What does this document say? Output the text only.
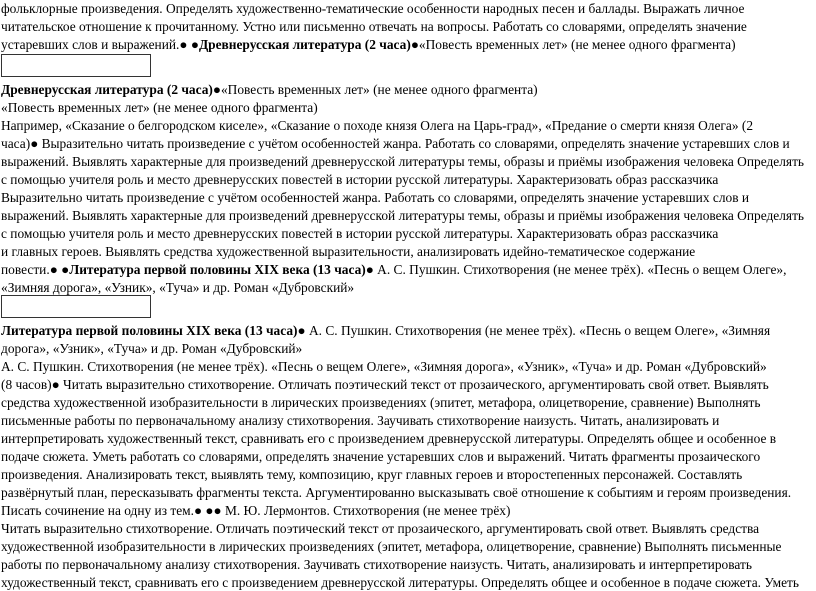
фольклорные произведения. Определять художественно-тематические особенности народных песен и баллады. Выражать личное
читательское отношение к прочитанному. Устно или письменно отвечать на вопросы. Работать со словарями, определять значение
устаревших слов и выражений.● ●Древнерусская литература (2 часа)●«Повесть временных лет» (не менее одного фрагмента)
Древнерусская литература (2 часа)●«Повесть временных лет» (не менее одного фрагмента)
«Повесть временных лет» (не менее одного фрагмента)
Например, «Сказание о белгородском киселе», «Сказание о походе князя Олега на Царь-град», «Предание о смерти князя Олега» (2
часа)● Выразительно читать произведение с учётом особенностей жанра. Работать со словарями, определять значение устаревших слов и
выражений. Выявлять характерные для произведений древнерусской литературы темы, образы и приёмы изображения человека Определять
с помощью учителя роль и место древнерусских повестей в истории русской литературы. Характеризовать образ рассказчика
Выразительно читать произведение с учётом особенностей жанра. Работать со словарями, определять значение устаревших слов и
выражений. Выявлять характерные для произведений древнерусской литературы темы, образы и приёмы изображения человека Определять
с помощью учителя роль и место древнерусских повестей в истории русской литературы. Характеризовать образ рассказчика
и главных героев. Выявлять средства художественной выразительности, анализировать идейно-тематическое содержание
повести.● ●Литература первой половины XIX века (13 часа)● А. С. Пушкин. Стихотворения (не менее трёх). «Песнь о вещем Олеге»,
«Зимняя дорога», «Узник», «Туча» и др. Роман «Дубровский»
Литература первой половины XIX века (13 часа)● А. С. Пушкин. Стихотворения (не менее трёх). «Песнь о вещем Олеге», «Зимняя
дорога», «Узник», «Туча» и др. Роман «Дубровский»
А. С. Пушкин. Стихотворения (не менее трёх). «Песнь о вещем Олеге», «Зимняя дорога», «Узник», «Туча» и др. Роман «Дубровский»
(8 часов)● Читать выразительно стихотворение. Отличать поэтический текст от прозаического, аргументировать свой ответ. Выявлять
средства художественной изобразительности в лирических произведениях (эпитет, метафора, олицетворение, сравнение) Выполнять
письменные работы по первоначальному анализу стихотворения. Заучивать стихотворение наизусть. Читать, анализировать и
интерпретировать художественный текст, сравнивать его с произведением древнерусской литературы. Определять общее и особенное в
подаче сюжета. Уметь работать со словарями, определять значение устаревших слов и выражений. Читать фрагменты прозаического
произведения. Анализировать текст, выявлять тему, композицию, круг главных героев и второстепенных персонажей. Составлять
развёрнутый план, пересказывать фрагменты текста. Аргументированно высказывать своё отношение к событиям и героям произведения.
Писать сочинение на одну из тем.● ●● М. Ю. Лермонтов. Стихотворения (не менее трёх)
Читать выразительно стихотворение. Отличать поэтический текст от прозаического, аргументировать свой ответ. Выявлять средства
художественной изобразительности в лирических произведениях (эпитет, метафора, олицетворение, сравнение) Выполнять письменные
работы по первоначальному анализу стихотворения. Заучивать стихотворение наизусть. Читать, анализировать и интерпретировать
художественный текст, сравнивать его с произведением древнерусской литературы. Определять общее и особенное в подаче сюжета. Уметь
